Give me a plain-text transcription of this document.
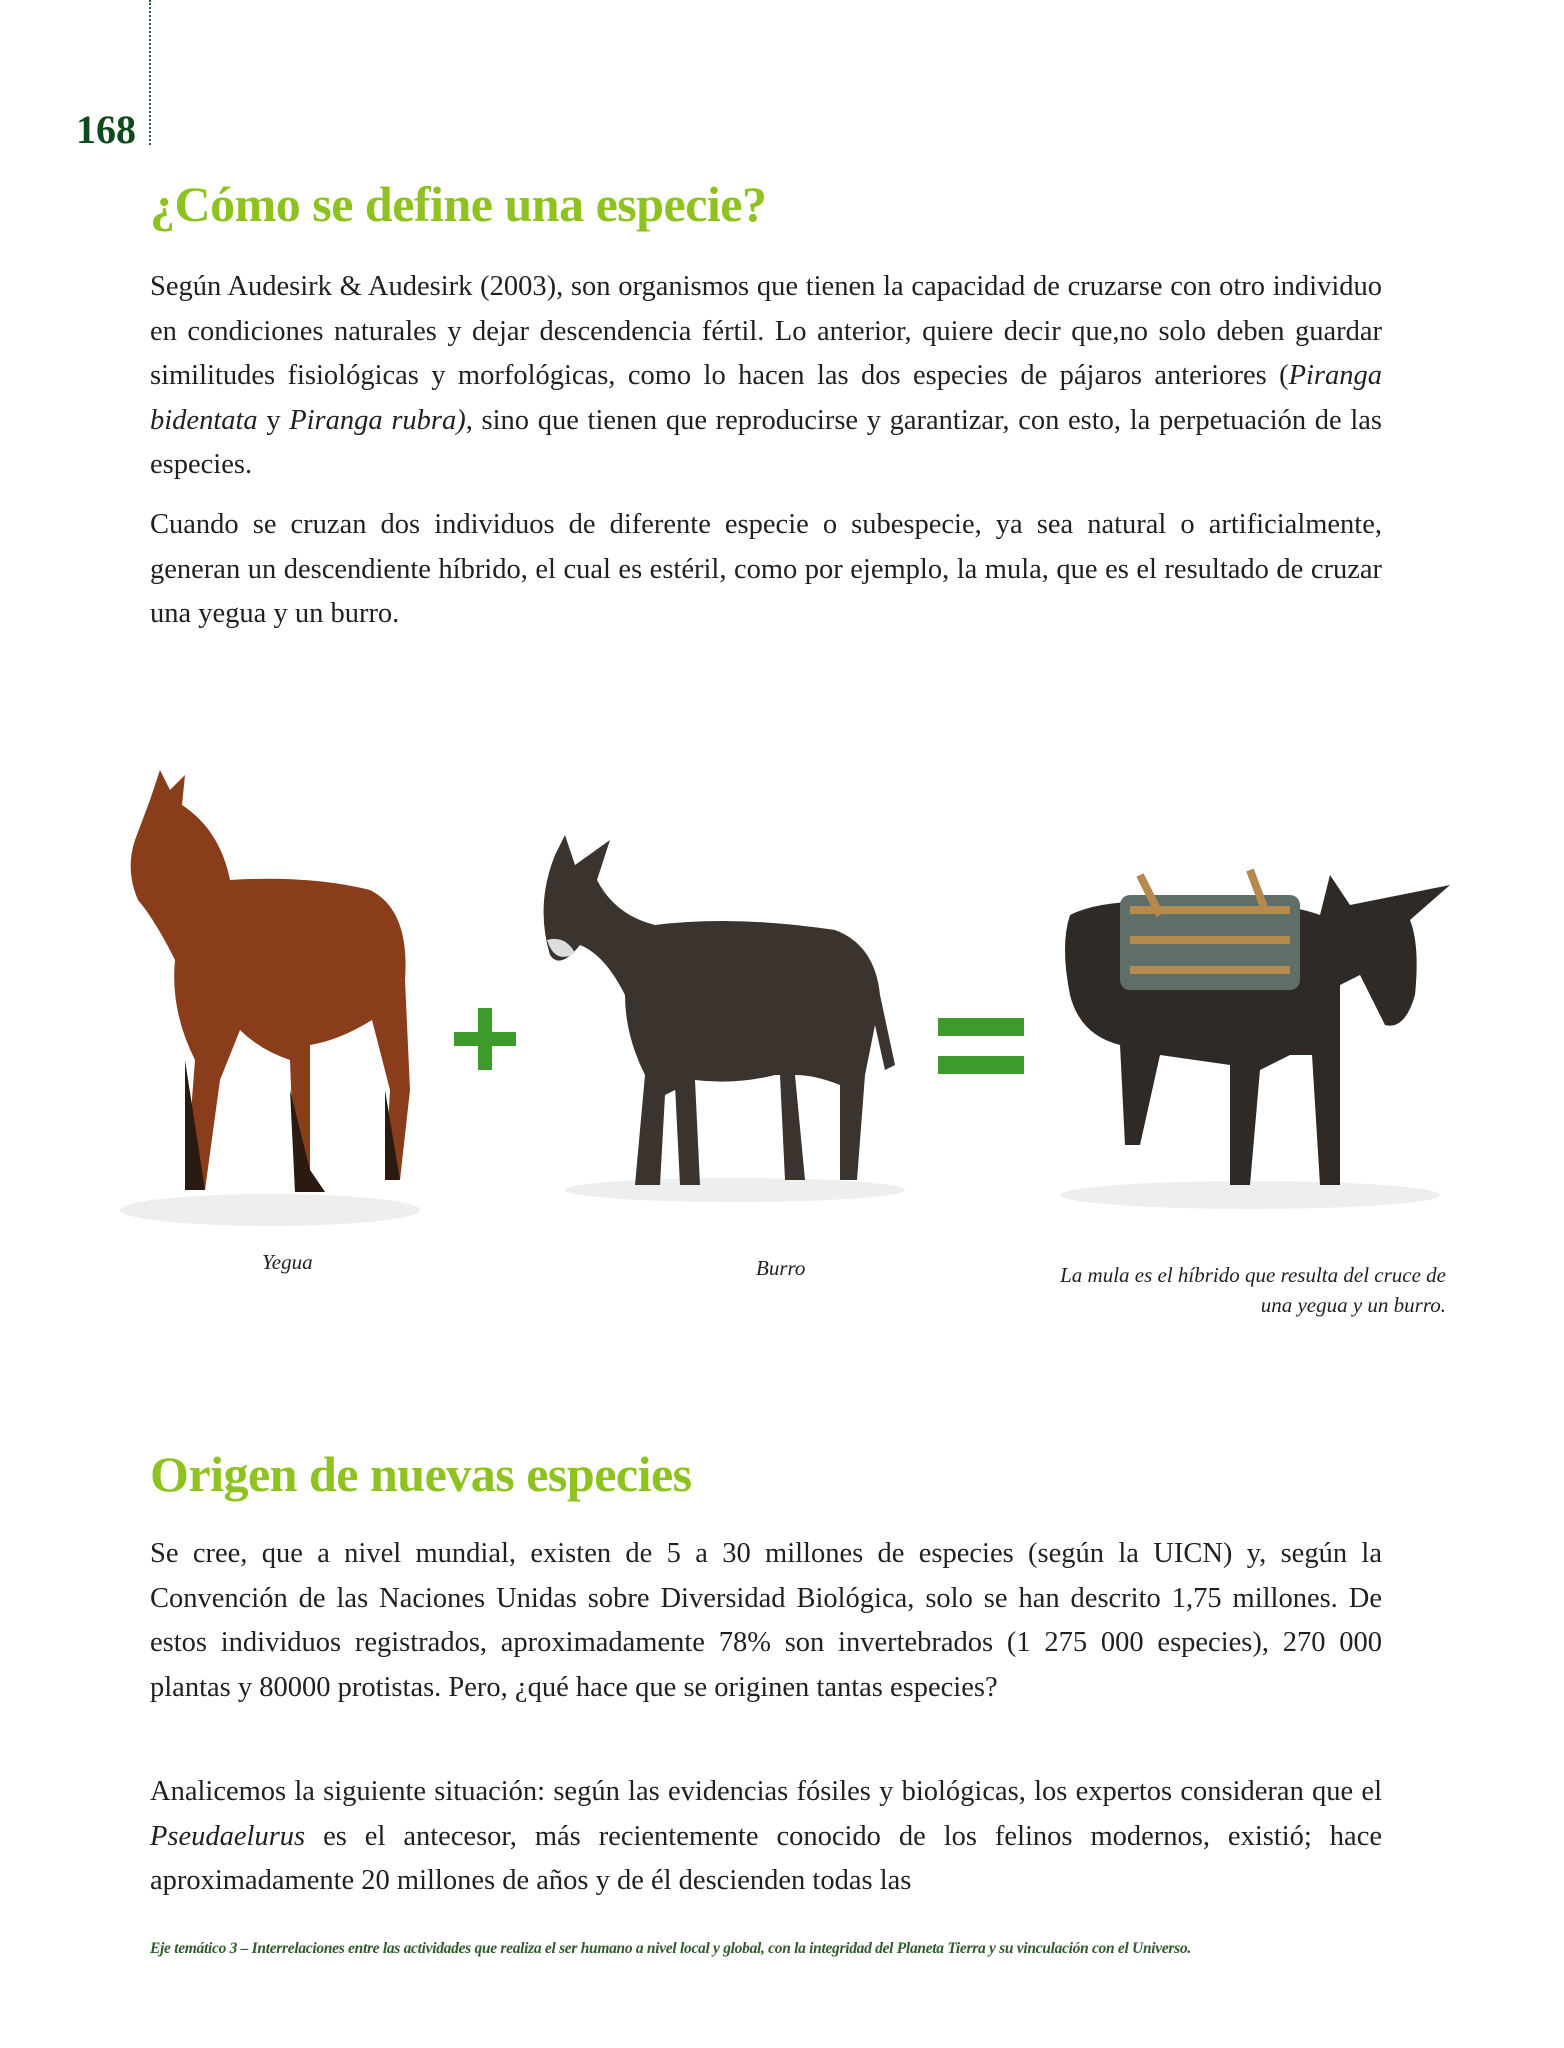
168
¿Cómo se define una especie?

Según Audesirk & Audesirk (2003), son organismos que tienen la capacidad de cruzarse con otro individuo en condiciones naturales y dejar descendencia fértil. Lo anterior, quiere decir que,no solo deben guardar similitudes fisiológicas y morfológicas, como lo hacen las dos especies de pájaros anteriores (Piranga bidentata y Piranga rubra), sino que tienen que reproducirse y garantizar, con esto, la perpetuación de las especies.

Cuando se cruzan dos individuos de diferente especie o subespecie, ya sea natural o artificialmente, generan un descendiente híbrido, el cual es estéril, como por ejemplo, la mula, que es el resultado de cruzar una yegua y un burro.

Yegua	Burro	La mula es el híbrido que resulta del cruce de
una yegua y un burro.
Origen de nuevas especies

Se cree, que a nivel mundial, existen de 5 a 30 millones de especies (según la UICN) y, según la Convención de las Naciones Unidas sobre Diversidad Biológica, solo se han descrito 1,75 millones. De estos individuos registrados, aproximadamente 78% son invertebrados (1 275 000 especies), 270 000 plantas y 80000 protistas. Pero, ¿qué hace que se originen tantas especies?

Analicemos la siguiente situación: según las evidencias fósiles y biológicas, los expertos consideran que el Pseudaelurus es el antecesor, más recientemente conocido de los felinos modernos, existió; hace aproximadamente 20 millones de años y de él descienden todas las

Eje temático 3 – Interrelaciones entre las actividades que realiza el ser humano a nivel local y global, con la integridad del Planeta Tierra y su vinculación con el Universo.
